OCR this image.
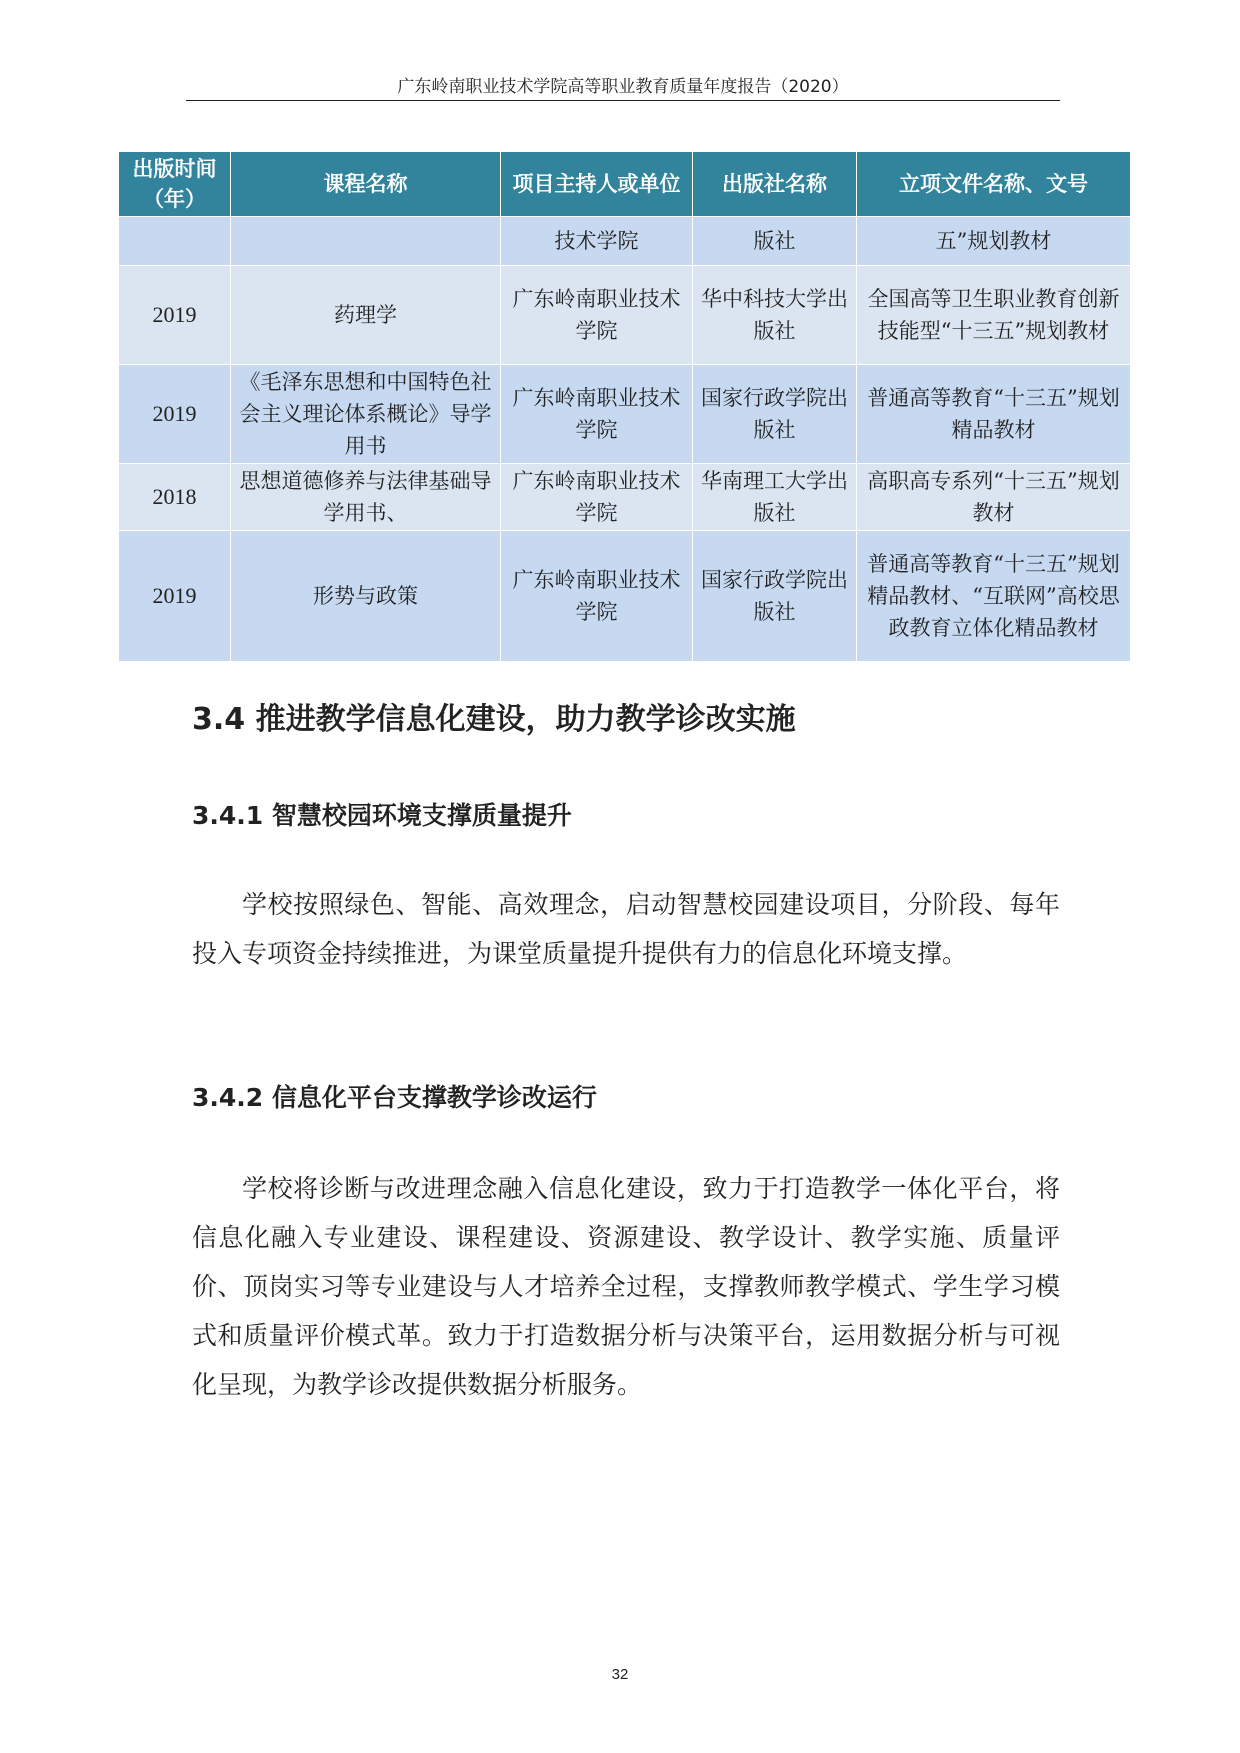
广东岭南职业技术学院高等职业教育质量年度报告（2020）
出版时间（年）	课程名称	项目主持人或单位	出版社名称	立项文件名称、文号
		技术学院	版社	五”规划教材
2019	药理学	广东岭南职业技术学院	华中科技大学出版社	全国高等卫生职业教育创新技能型“十三五”规划教材
2019	《毛泽东思想和中国特色社会主义理论体系概论》导学用书	广东岭南职业技术学院	国家行政学院出版社	普通高等教育“十三五”规划精品教材
2018	思想道德修养与法律基础导学用书、	广东岭南职业技术学院	华南理工大学出版社	高职高专系列“十三五”规划教材
2019	形势与政策	广东岭南职业技术学院	国家行政学院出版社	普通高等教育“十三五”规划精品教材、“互联网”高校思政教育立体化精品教材
3.4 推进教学信息化建设，助力教学诊改实施
3.4.1 智慧校园环境支撑质量提升

学校按照绿色、智能、高效理念，启动智慧校园建设项目，分阶段、每年投入专项资金持续推进，为课堂质量提升提供有力的信息化环境支撑。

3.4.2 信息化平台支撑教学诊改运行

学校将诊断与改进理念融入信息化建设，致力于打造教学一体化平台，将信息化融入专业建设、课程建设、资源建设、教学设计、教学实施、质量评价、顶岗实习等专业建设与人才培养全过程，支撑教师教学模式、学生学习模式和质量评价模式革。致力于打造数据分析与决策平台，运用数据分析与可视化呈现，为教学诊改提供数据分析服务。

32
